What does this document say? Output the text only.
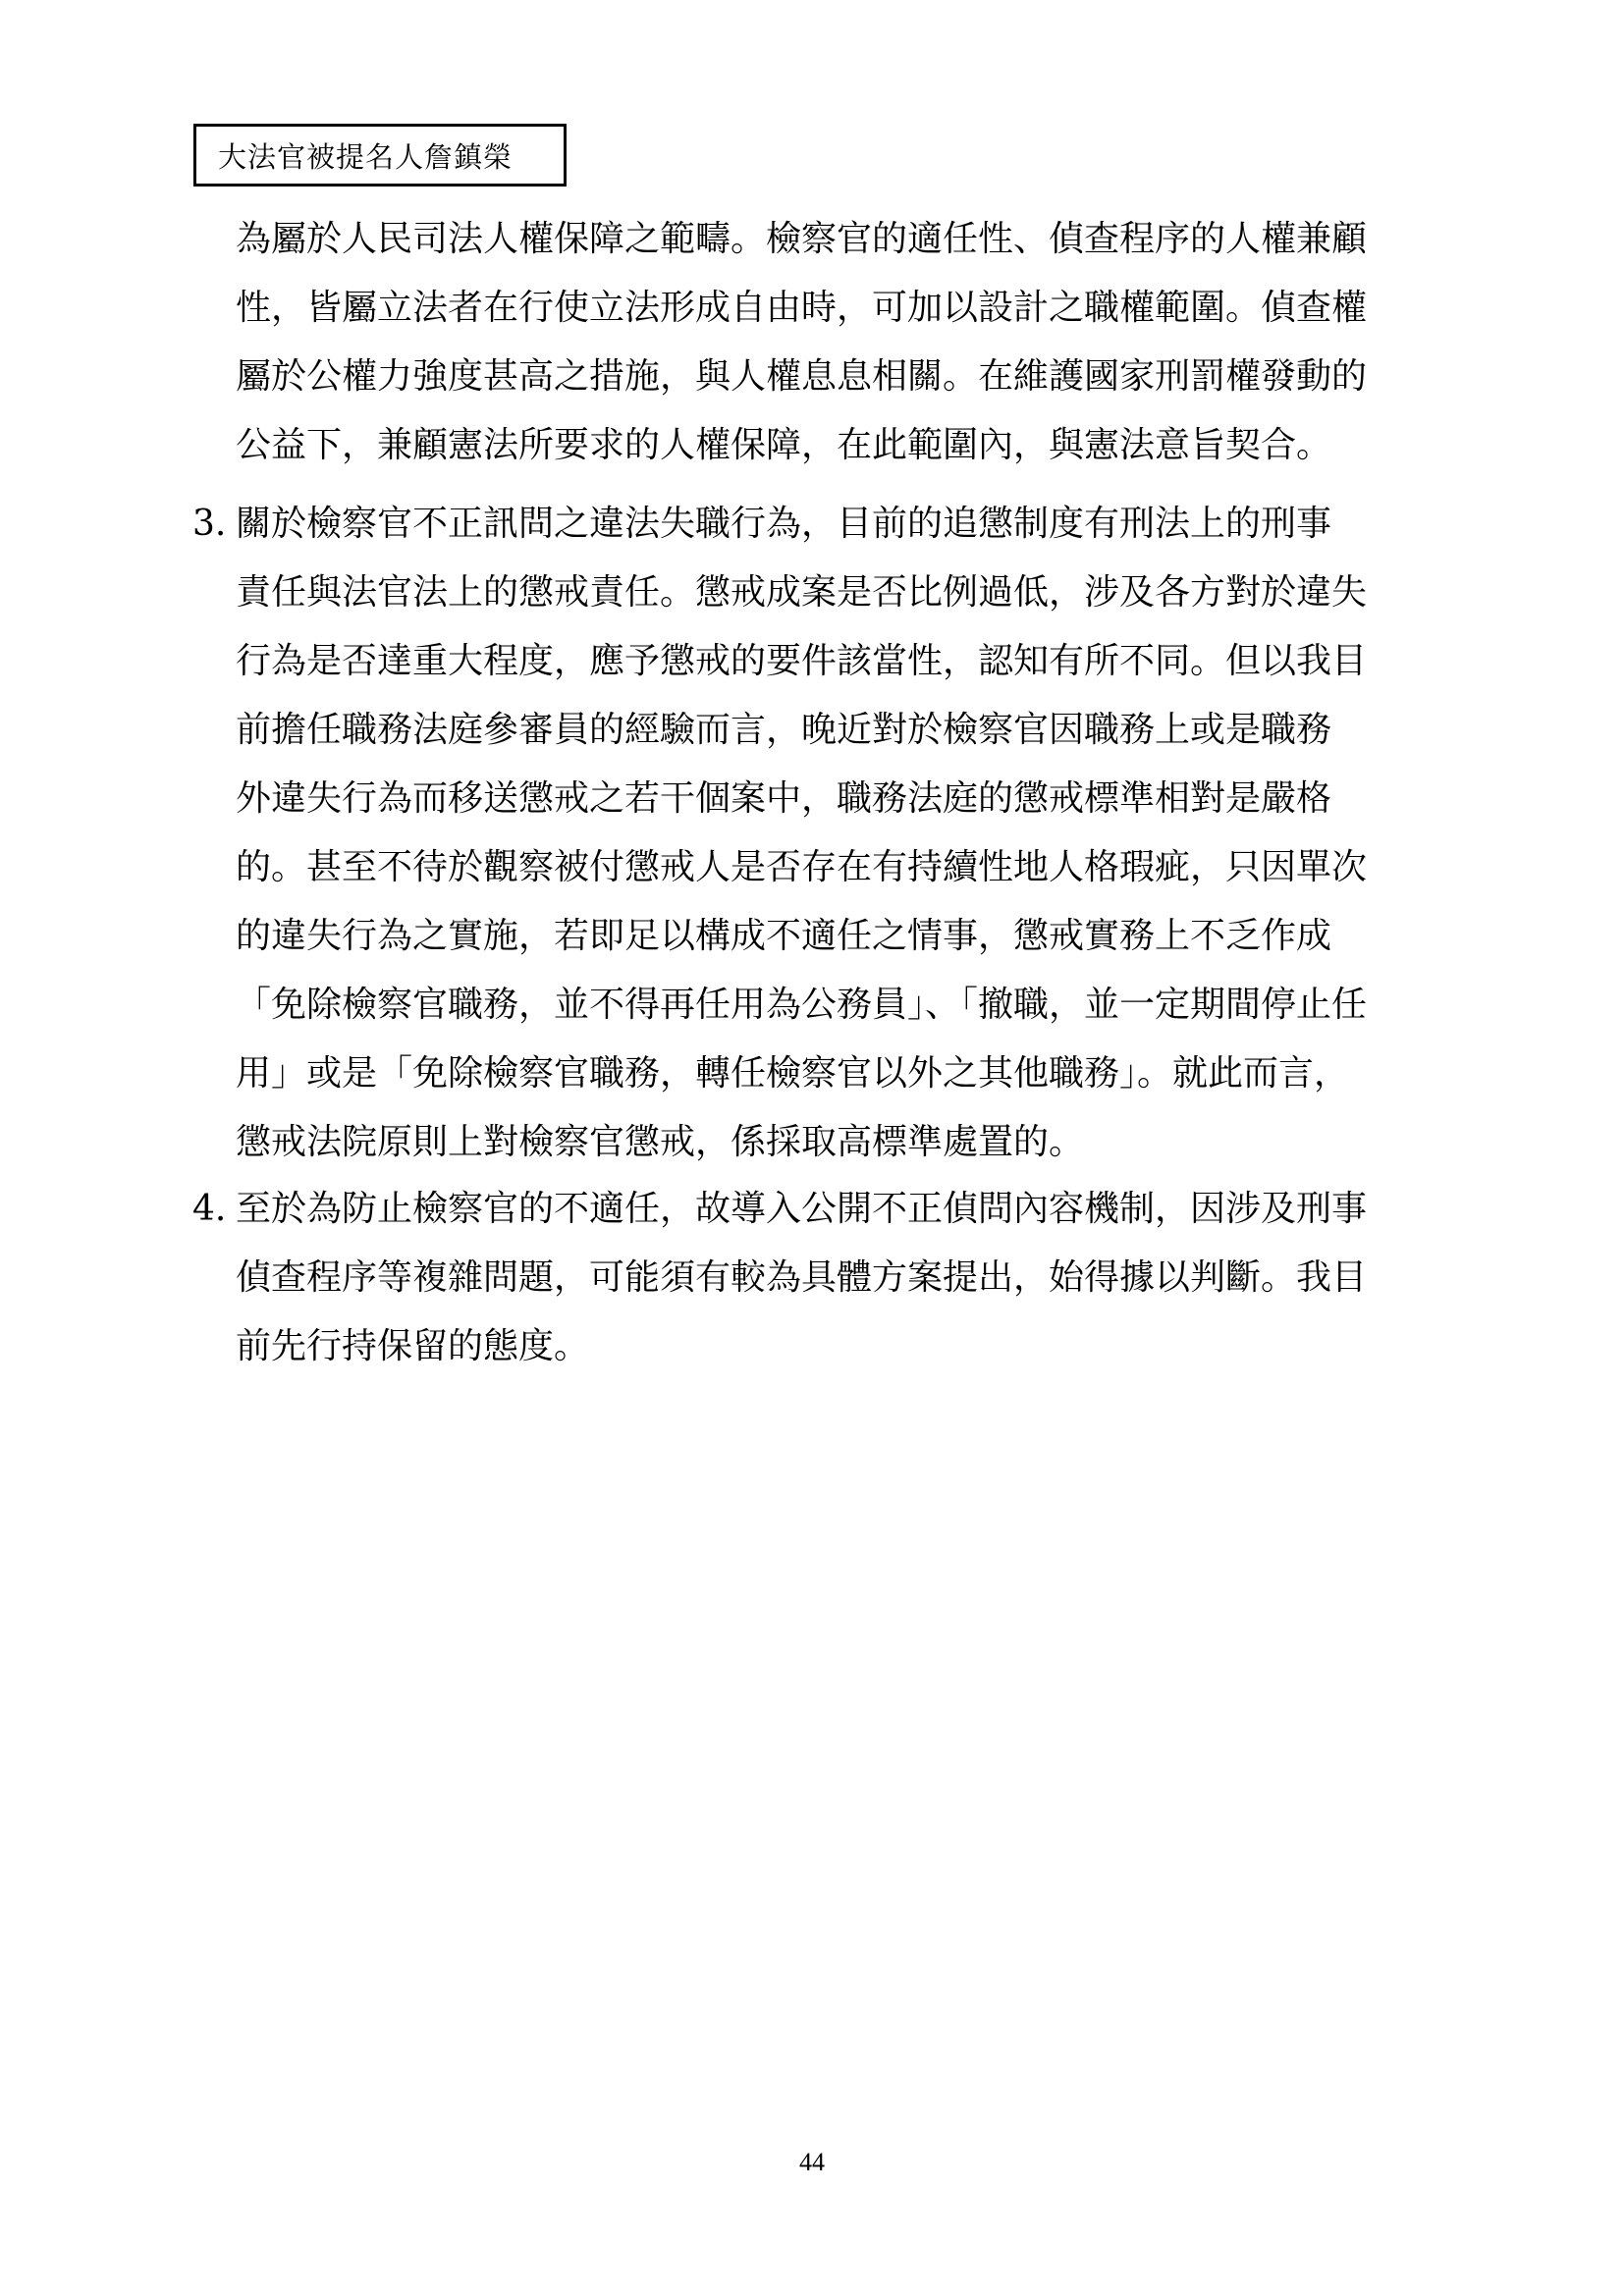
大法官被提名人詹鎮榮
為屬於人民司法人權保障之範疇。檢察官的適任性、偵查程序的人權兼顧
性，皆屬立法者在行使立法形成自由時，可加以設計之職權範圍。偵查權
屬於公權力強度甚高之措施，與人權息息相關。在維護國家刑罰權發動的
公益下，兼顧憲法所要求的人權保障，在此範圍內，與憲法意旨契合。
3. 關於檢察官不正訊問之違法失職行為，目前的追懲制度有刑法上的刑事
責任與法官法上的懲戒責任。懲戒成案是否比例過低，涉及各方對於違失
行為是否達重大程度，應予懲戒的要件該當性，認知有所不同。但以我目
前擔任職務法庭參審員的經驗而言，晚近對於檢察官因職務上或是職務
外違失行為而移送懲戒之若干個案中，職務法庭的懲戒標準相對是嚴格
的。甚至不待於觀察被付懲戒人是否存在有持續性地人格瑕疵，只因單次
的違失行為之實施，若即足以構成不適任之情事，懲戒實務上不乏作成
「免除檢察官職務，並不得再任用為公務員」、「撤職，並一定期間停止任
用」或是「免除檢察官職務，轉任檢察官以外之其他職務」。就此而言，
懲戒法院原則上對檢察官懲戒，係採取高標準處置的。
4. 至於為防止檢察官的不適任，故導入公開不正偵問內容機制，因涉及刑事
偵查程序等複雜問題，可能須有較為具體方案提出，始得據以判斷。我目
前先行持保留的態度。
44
